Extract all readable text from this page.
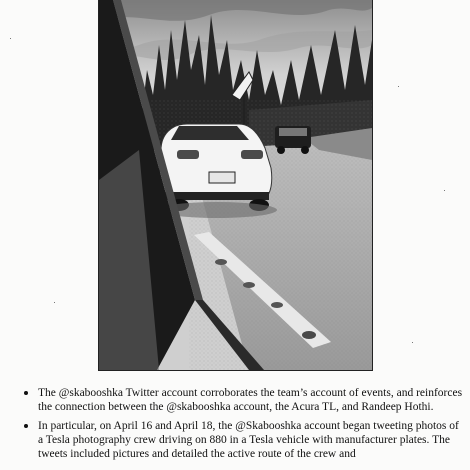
The @skabooshka Twitter account corroborates the team’s account of events, and reinforces the connection between the @skabooshka account, the Acura TL, and Randeep Hothi.
In particular, on April 16 and April 18, the @Skabooshka account began tweeting photos of a Tesla photography crew driving on 880 in a Tesla vehicle with manufacturer plates. The tweets included pictures and detailed the active route of the crew and
